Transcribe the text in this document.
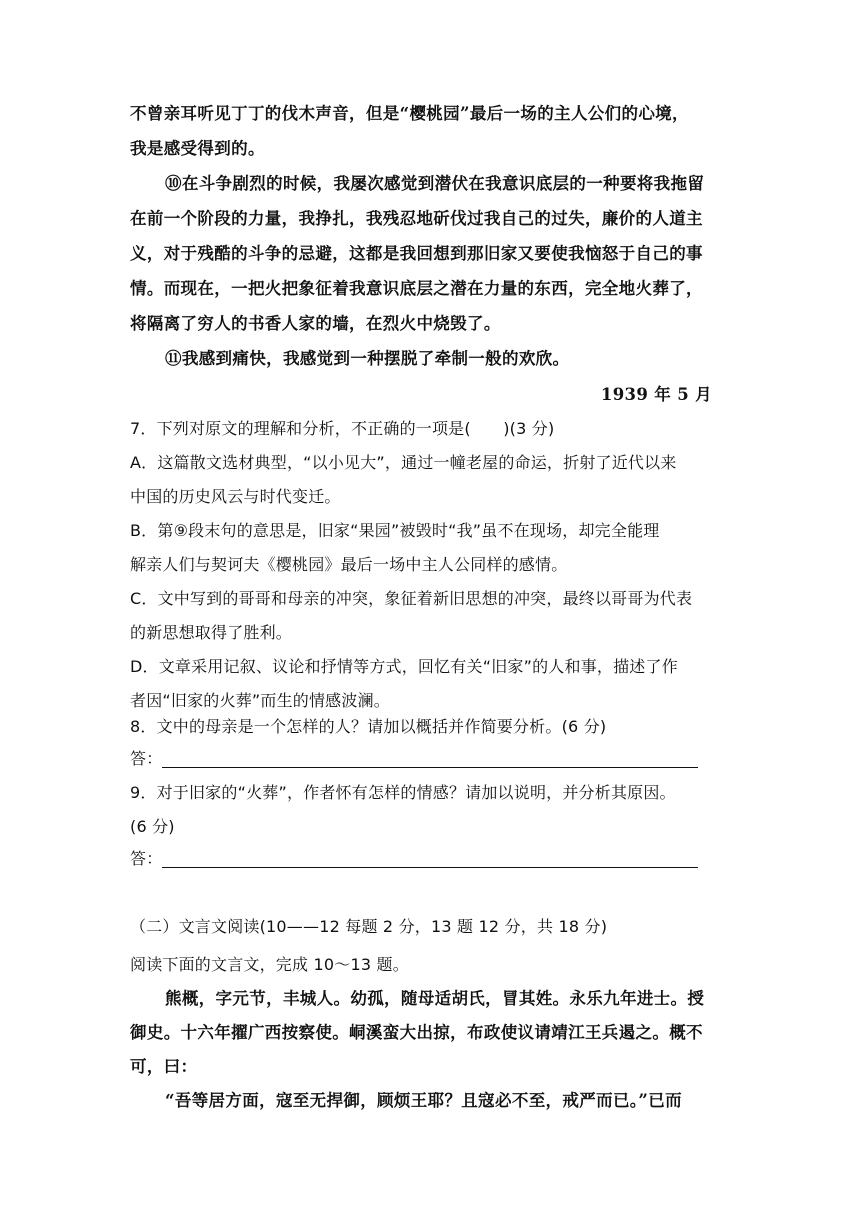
不曾亲耳听见丁丁的伐木声音，但是“樱桃园”最后一场的主人公们的心境，
我是感受得到的。
⑩在斗争剧烈的时候，我屡次感觉到潜伏在我意识底层的一种要将我拖留
在前一个阶段的力量，我挣扎，我残忍地斫伐过我自己的过失，廉价的人道主
义，对于残酷的斗争的忌避，这都是我回想到那旧家又要使我恼怒于自己的事
情。而现在，一把火把象征着我意识底层之潜在力量的东西，完全地火葬了，
将隔离了穷人的书香人家的墙，在烈火中烧毁了。
⑪我感到痛快，我感觉到一种摆脱了牵制一般的欢欣。
1939 年 5 月
7．下列对原文的理解和分析，不正确的一项是(　　)(3 分)
A．这篇散文选材典型，“以小见大”，通过一幢老屋的命运，折射了近代以来
中国的历史风云与时代变迁。
B．第⑨段末句的意思是，旧家“果园”被毁时“我”虽不在现场，却完全能理
解亲人们与契诃夫《樱桃园》最后一场中主人公同样的感情。
C．文中写到的哥哥和母亲的冲突，象征着新旧思想的冲突，最终以哥哥为代表
的新思想取得了胜利。
D．文章采用记叙、议论和抒情等方式，回忆有关“旧家”的人和事，描述了作
者因“旧家的火葬”而生的情感波澜。
8．文中的母亲是一个怎样的人？请加以概括并作简要分析。(6 分)
答：
9．对于旧家的“火葬”，作者怀有怎样的情感？请加以说明，并分析其原因。
(6 分)
答：
（二）文言文阅读(10——12 每题 2 分，13 题 12 分，共 18 分)
阅读下面的文言文，完成 10～13 题。
熊概，字元节，丰城人。幼孤，随母适胡氏，冒其姓。永乐九年进士。授
御史。十六年擢广西按察使。峒溪蛮大出掠，布政使议请靖江王兵遏之。概不
可，曰：
“吾等居方面，寇至无捍御，顾烦王耶？且寇必不至，戒严而已。”已而
